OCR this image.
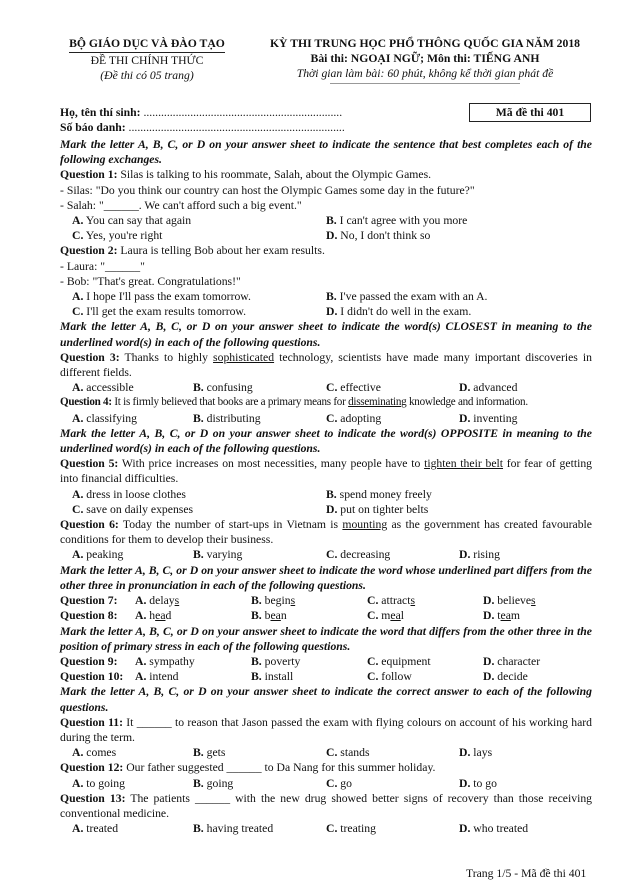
BỘ GIÁO DỤC VÀ ĐÀO TẠO
ĐỀ THI CHÍNH THỨC
(Đề thi có 05 trang)
KỲ THI TRUNG HỌC PHỔ THÔNG QUỐC GIA NĂM 2018
Bài thi: NGOẠI NGỮ; Môn thi: TIẾNG ANH
Thời gian làm bài: 60 phút, không kể thời gian phát đề
Họ, tên thí sinh: ....................................................................
Số báo danh: ..........................................................................
Mã đề thi 401
Mark the letter A, B, C, or D on your answer sheet to indicate the sentence that best completes each of the following exchanges.
Question 1: Silas is talking to his roommate, Salah, about the Olympic Games.
- Silas: "Do you think our country can host the Olympic Games some day in the future?"
- Salah: "______. We can't afford such a big event."
A. You can say that again	B. I can't agree with you more
C. Yes, you're right	D. No, I don't think so
Question 2: Laura is telling Bob about her exam results.
- Laura: "______"
- Bob: "That's great. Congratulations!"
A. I hope I'll pass the exam tomorrow.	B. I've passed the exam with an A.
C. I'll get the exam results tomorrow.	D. I didn't do well in the exam.
Mark the letter A, B, C, or D on your answer sheet to indicate the word(s) CLOSEST in meaning to the underlined word(s) in each of the following questions.
Question 3: Thanks to highly sophisticated technology, scientists have made many important discoveries in different fields.
A. accessible	B. confusing	C. effective	D. advanced
Question 4: It is firmly believed that books are a primary means for disseminating knowledge and information.
A. classifying	B. distributing	C. adopting	D. inventing
Mark the letter A, B, C, or D on your answer sheet to indicate the word(s) OPPOSITE in meaning to the underlined word(s) in each of the following questions.
Question 5: With price increases on most necessities, many people have to tighten their belt for fear of getting into financial difficulties.
A. dress in loose clothes	B. spend money freely
C. save on daily expenses	D. put on tighter belts
Question 6: Today the number of start-ups in Vietnam is mounting as the government has created favourable conditions for them to develop their business.
A. peaking	B. varying	C. decreasing	D. rising
Mark the letter A, B, C, or D on your answer sheet to indicate the word whose underlined part differs from the other three in pronunciation in each of the following questions.
Question 7:	A. delays	B. begins	C. attracts	D. believes
Question 8:	A. head	B. bean	C. meal	D. team
Mark the letter A, B, C, or D on your answer sheet to indicate the word that differs from the other three in the position of primary stress in each of the following questions.
Question 9:	A. sympathy	B. poverty	C. equipment	D. character
Question 10: A. intend	B. install	C. follow	D. decide
Mark the letter A, B, C, or D on your answer sheet to indicate the correct answer to each of the following questions.
Question 11: It ______ to reason that Jason passed the exam with flying colours on account of his working hard during the term.
A. comes	B. gets	C. stands	D. lays
Question 12: Our father suggested ______ to Da Nang for this summer holiday.
A. to going	B. going	C. go	D. to go
Question 13: The patients ______ with the new drug showed better signs of recovery than those receiving conventional medicine.
A. treated	B. having treated	C. treating	D. who treated
Trang 1/5 - Mã đề thi 401
